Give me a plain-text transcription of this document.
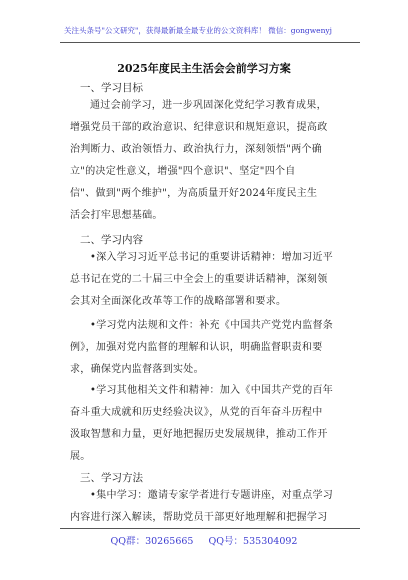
关注头条号"公文研究"，获得最新最全最专业的公文资料库！ 微信：gongwenyj
2025年度民主生活会会前学习方案
一、学习目标
通过会前学习，进一步巩固深化党纪学习教育成果，
增强党员干部的政治意识、纪律意识和规矩意识，提高政
治判断力、政治领悟力、政治执行力，深刻领悟"两个确
立"的决定性意义，增强"四个意识"、坚定"四个自
信"、做到"两个维护"，为高质量开好2024年度民主生
活会打牢思想基础。
二、学习内容
•深入学习习近平总书记的重要讲话精神：增加习近平
总书记在党的二十届三中全会上的重要讲话精神，深刻领
会其对全面深化改革等工作的战略部署和要求。
•学习党内法规和文件：补充《中国共产党党内监督条
例》，加强对党内监督的理解和认识，明确监督职责和要
求，确保党内监督落到实处。
•学习其他相关文件和精神：加入《中国共产党的百年
奋斗重大成就和历史经验决议》，从党的百年奋斗历程中
汲取智慧和力量，更好地把握历史发展规律，推动工作开
展。
三、学习方法
•集中学习：邀请专家学者进行专题讲座，对重点学习
内容进行深入解读，帮助党员干部更好地理解和把握学习
QQ群：30265665 QQ号：535304092
